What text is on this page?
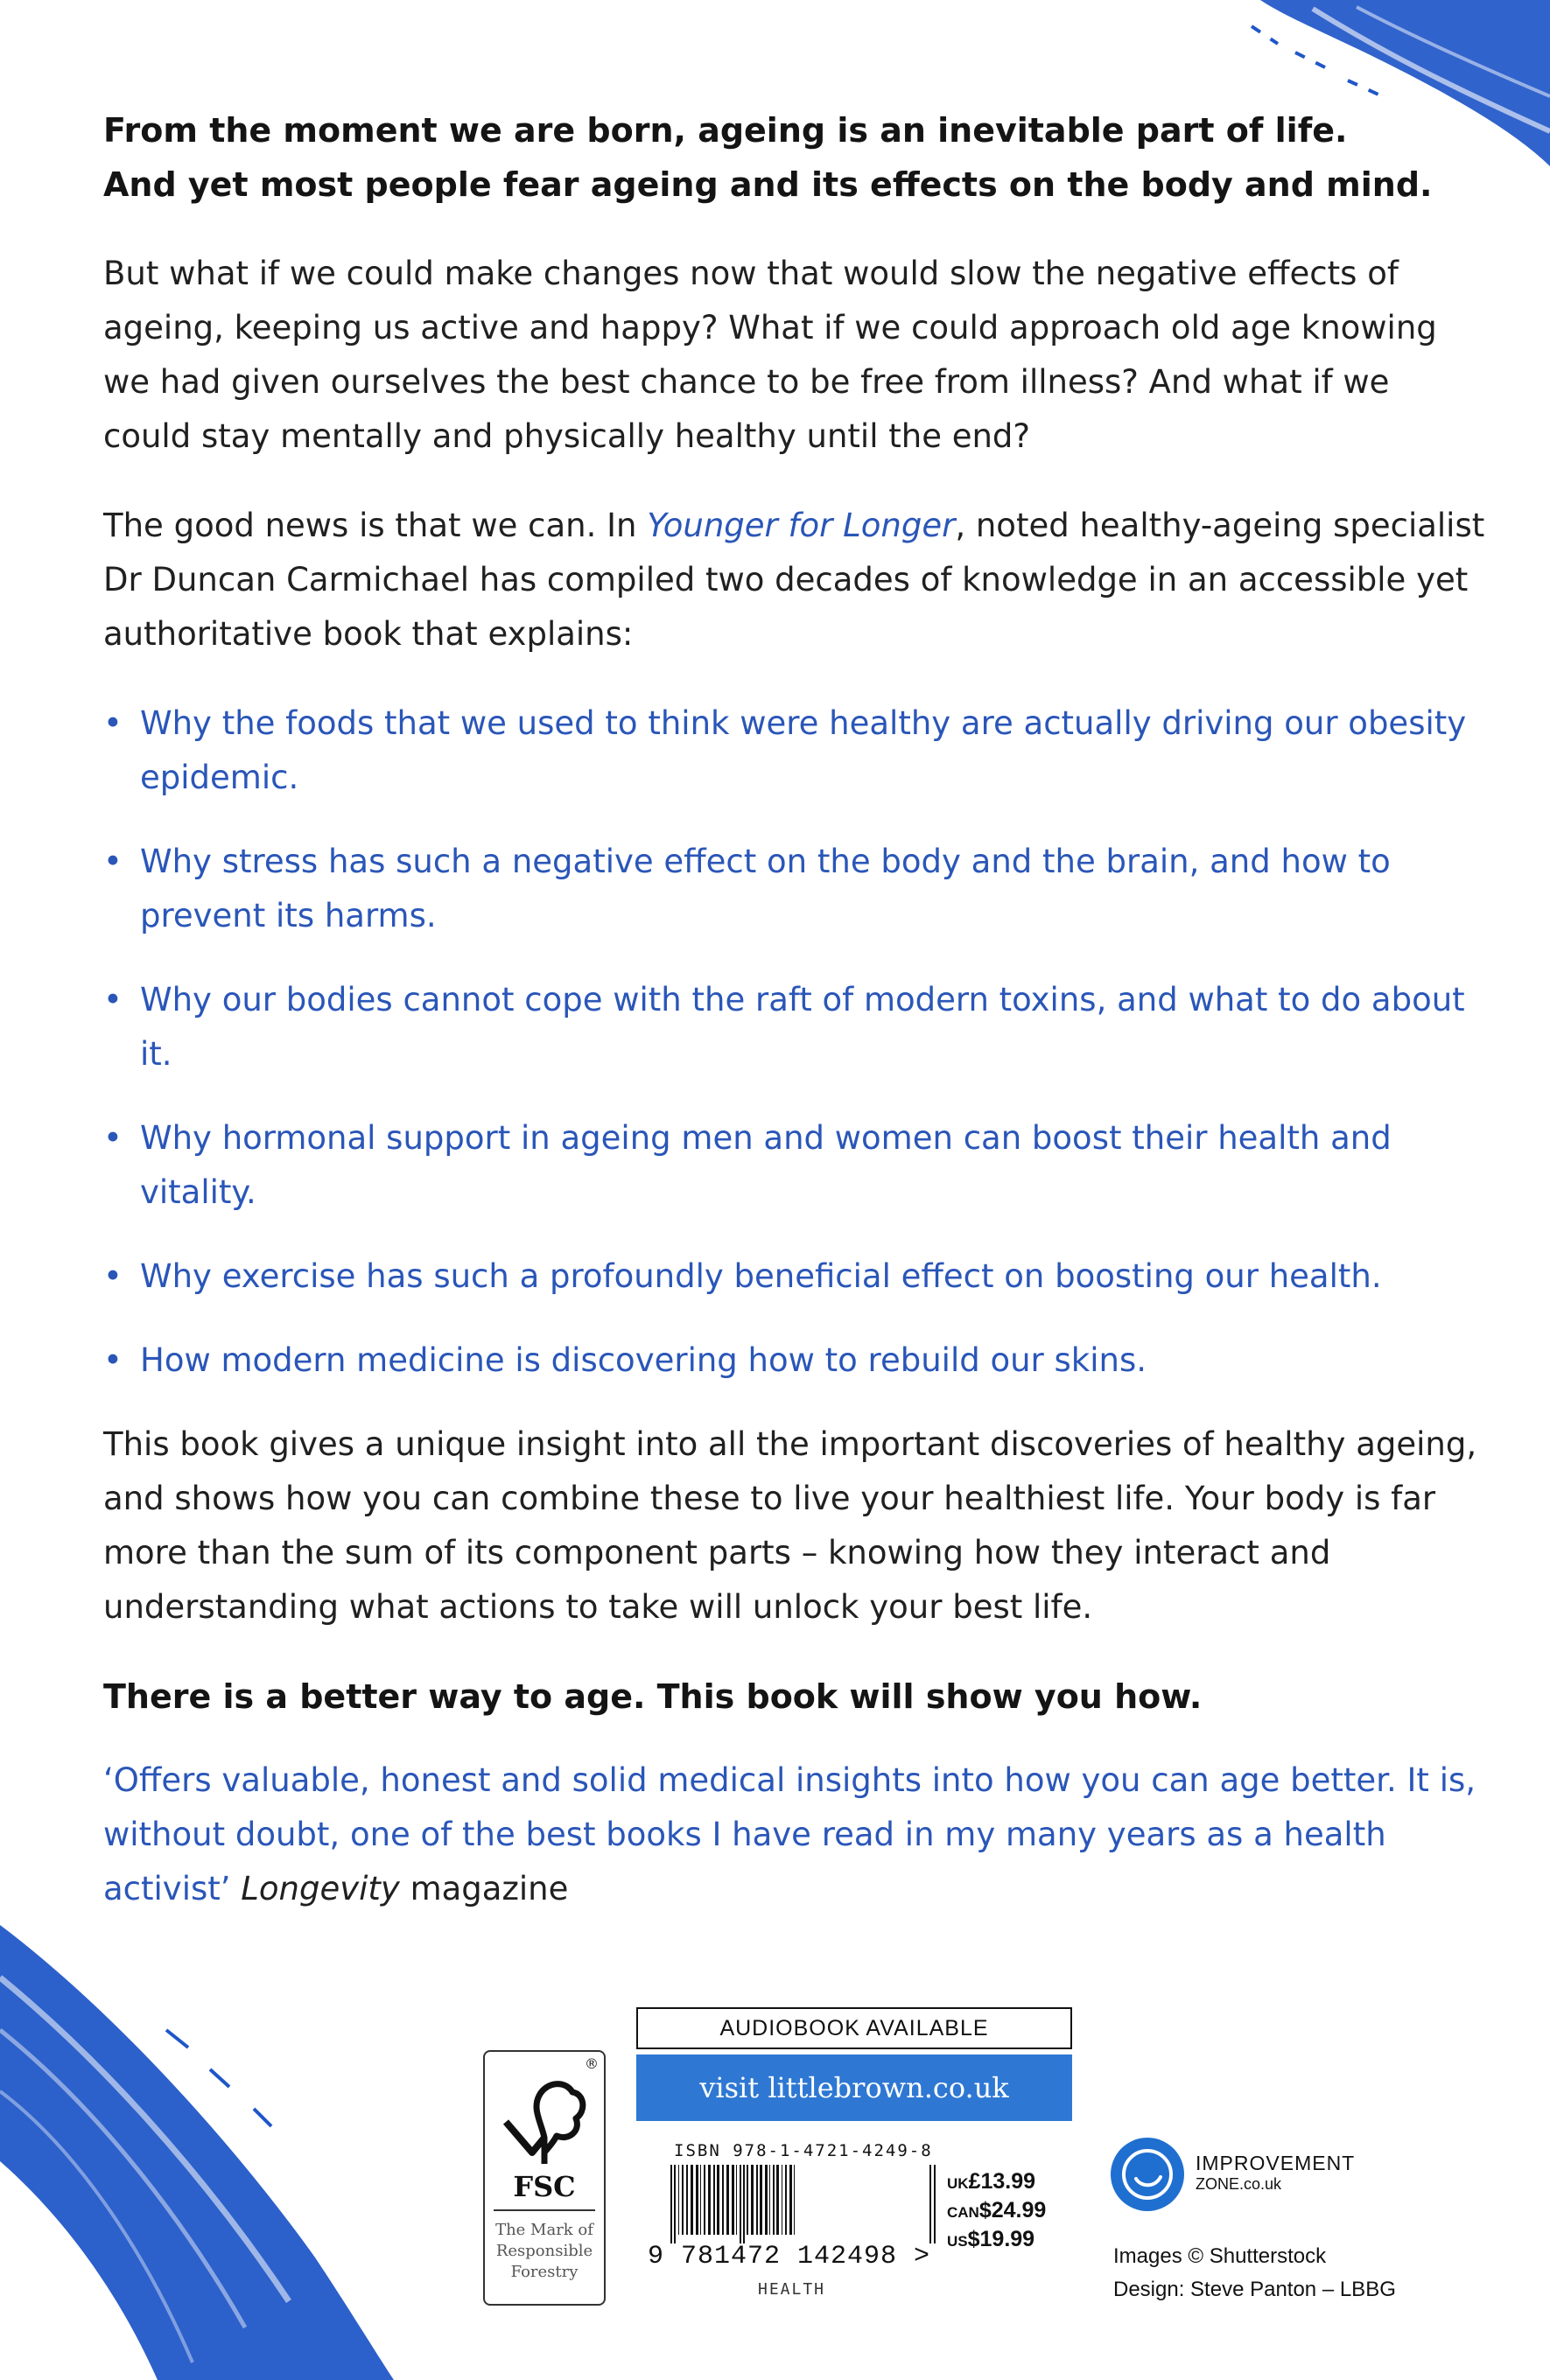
From the moment we are born, ageing is an inevitable part of life.
And yet most people fear ageing and its effects on the body and mind.

But what if we could make changes now that would slow the negative effects of ageing, keeping us active and happy? What if we could approach old age knowing we had given ourselves the best chance to be free from illness? And what if we could stay mentally and physically healthy until the end?

The good news is that we can. In Younger for Longer, noted healthy-ageing specialist Dr Duncan Carmichael has compiled two decades of knowledge in an accessible yet authoritative book that explains:

• Why the foods that we used to think were healthy are actually driving our obesity epidemic.
• Why stress has such a negative effect on the body and the brain, and how to prevent its harms.
• Why our bodies cannot cope with the raft of modern toxins, and what to do about it.
• Why hormonal support in ageing men and women can boost their health and vitality.
• Why exercise has such a profoundly beneficial effect on boosting our health.
• How modern medicine is discovering how to rebuild our skins.

This book gives a unique insight into all the important discoveries of healthy ageing, and shows how you can combine these to live your healthiest life. Your body is far more than the sum of its component parts – knowing how they interact and understanding what actions to take will unlock your best life.

There is a better way to age. This book will show you how.

‘Offers valuable, honest and solid medical insights into how you can age better. It is, without doubt, one of the best books I have read in my many years as a health activist’ Longevity magazine

®
FSC
The Mark of
Responsible
Forestry
AUDIOBOOK AVAILABLE
visit littlebrown.co.uk
ISBN 978-1-4721-4249-8
9 781472 142498 >
HEALTH
UK£13.99
CAN$24.99
US$19.99
IMPROVEMENT
ZONE.co.uk
Images © Shutterstock
Design: Steve Panton – LBBG
